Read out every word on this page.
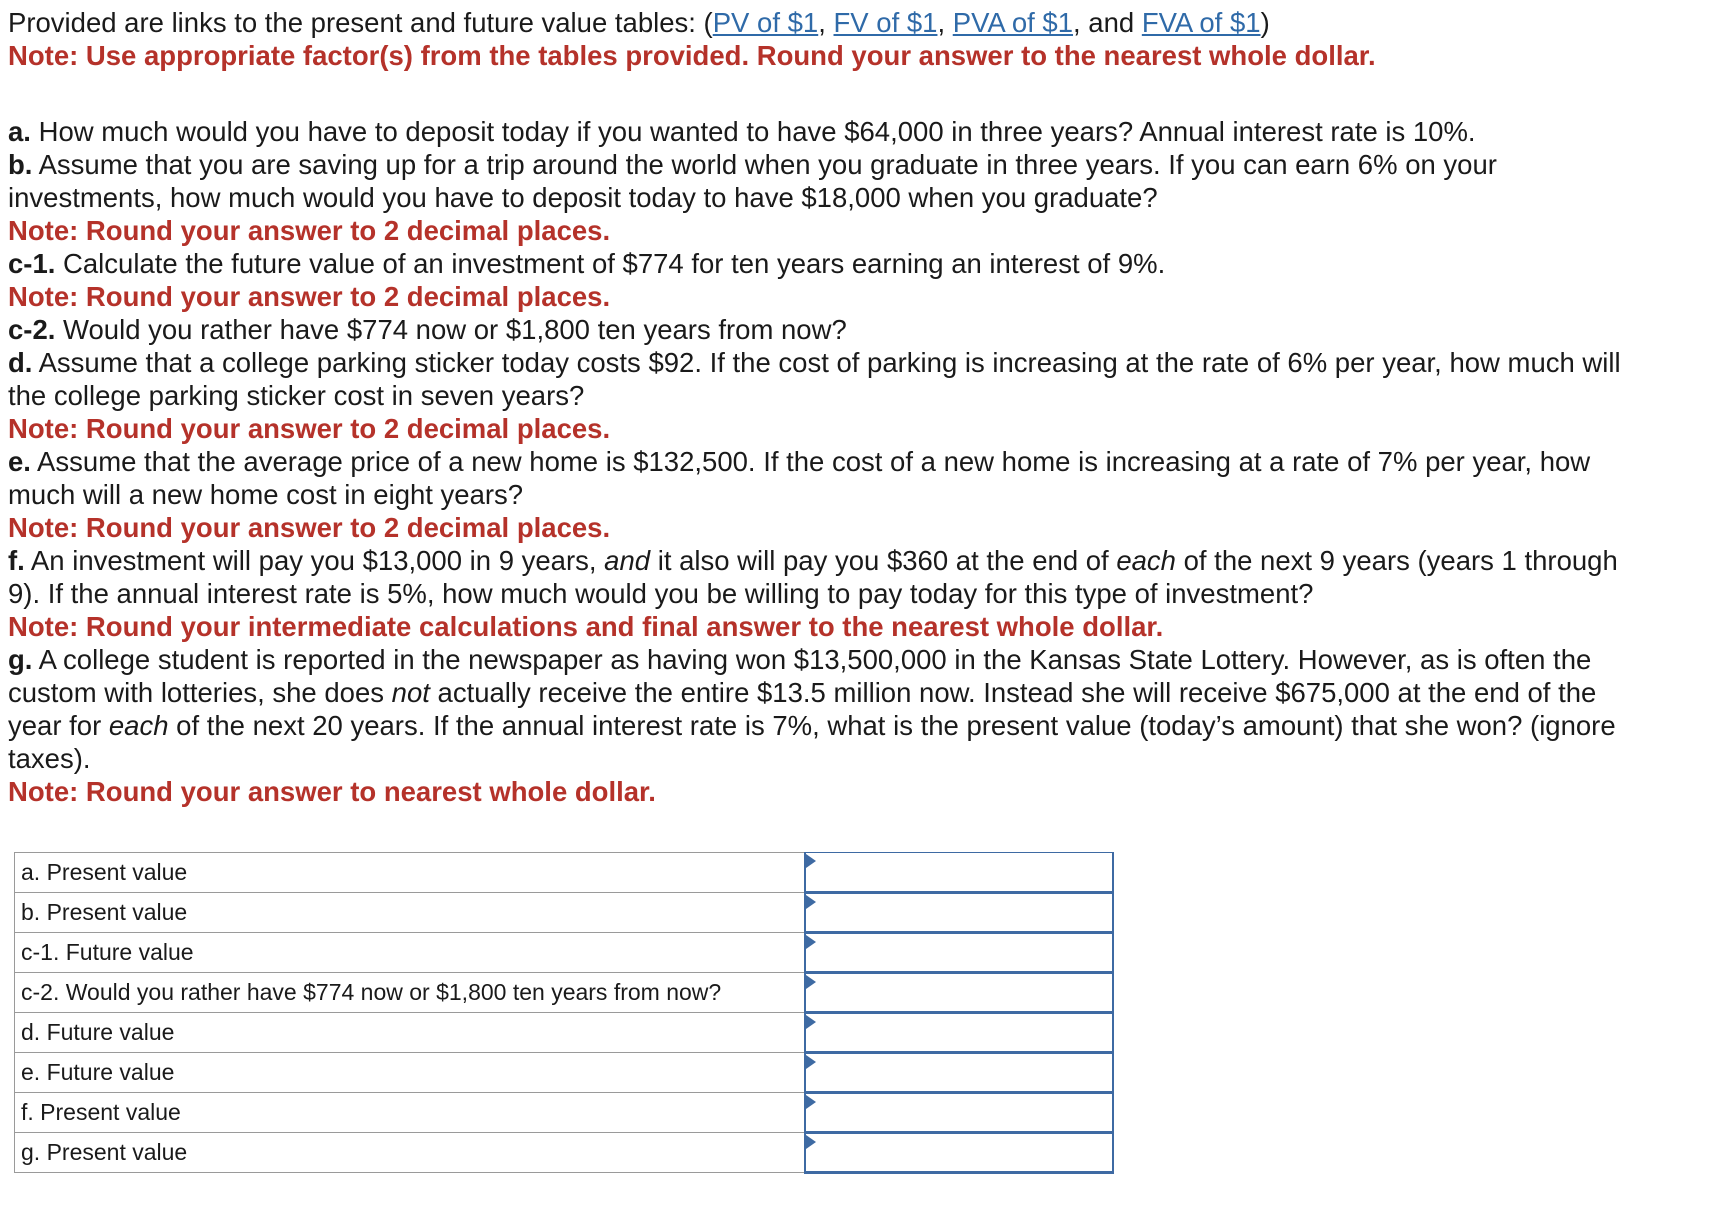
Provided are links to the present and future value tables: (PV of $1, FV of $1, PVA of $1, and FVA of $1)
Note: Use appropriate factor(s) from the tables provided. Round your answer to the nearest whole dollar.
a. How much would you have to deposit today if you wanted to have $64,000 in three years? Annual interest rate is 10%.
b. Assume that you are saving up for a trip around the world when you graduate in three years. If you can earn 6% on your
investments, how much would you have to deposit today to have $18,000 when you graduate?
Note: Round your answer to 2 decimal places.
c-1. Calculate the future value of an investment of $774 for ten years earning an interest of 9%.
Note: Round your answer to 2 decimal places.
c-2. Would you rather have $774 now or $1,800 ten years from now?
d. Assume that a college parking sticker today costs $92. If the cost of parking is increasing at the rate of 6% per year, how much will
the college parking sticker cost in seven years?
Note: Round your answer to 2 decimal places.
e. Assume that the average price of a new home is $132,500. If the cost of a new home is increasing at a rate of 7% per year, how
much will a new home cost in eight years?
Note: Round your answer to 2 decimal places.
f. An investment will pay you $13,000 in 9 years, and it also will pay you $360 at the end of each of the next 9 years (years 1 through
9). If the annual interest rate is 5%, how much would you be willing to pay today for this type of investment?
Note: Round your intermediate calculations and final answer to the nearest whole dollar.
g. A college student is reported in the newspaper as having won $13,500,000 in the Kansas State Lottery. However, as is often the
custom with lotteries, she does not actually receive the entire $13.5 million now. Instead she will receive $675,000 at the end of the
year for each of the next 20 years. If the annual interest rate is 7%, what is the present value (today’s amount) that she won? (ignore
taxes).
Note: Round your answer to nearest whole dollar.
a. Present value	

b. Present value	

c-1. Future value	

c-2. Would you rather have $774 now or $1,800 ten years from now?	

d. Future value	

e. Future value	

f. Present value	

g. Present value	
